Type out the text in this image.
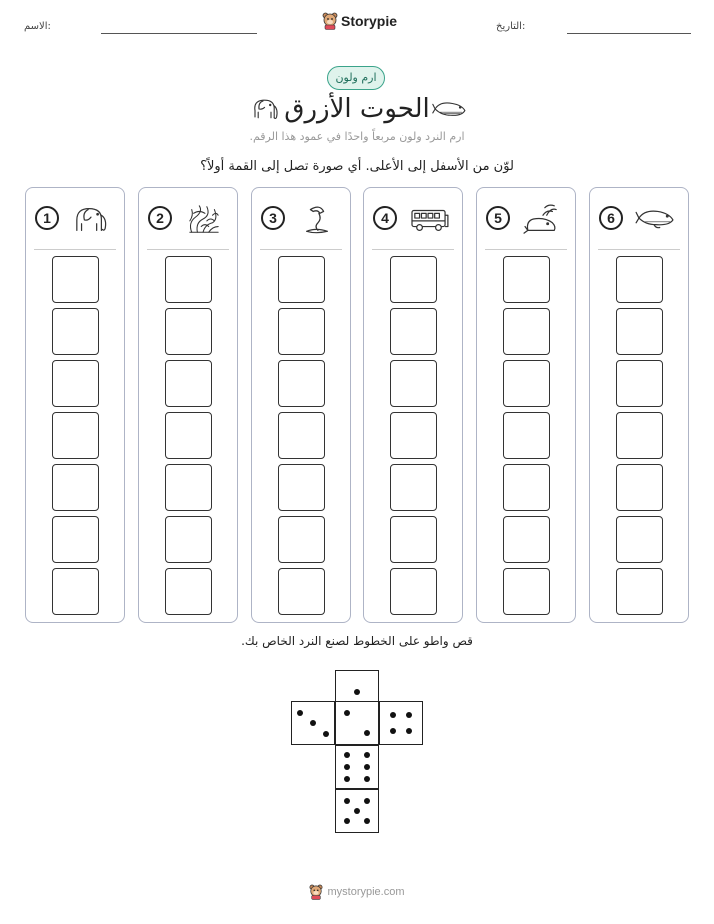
الاسم:	التاريخ:
Storypie
ارم ولون
الحوت الأزرق
ارم النرد ولون مربعاً واحدًا في عمود هذا الرقم.
لوّن من الأسفل إلى الأعلى. أي صورة تصل إلى القمة أولاً؟
1	2	3	4	5	6
قص واطو على الخطوط لصنع النرد الخاص بك.
mystorypie.com
